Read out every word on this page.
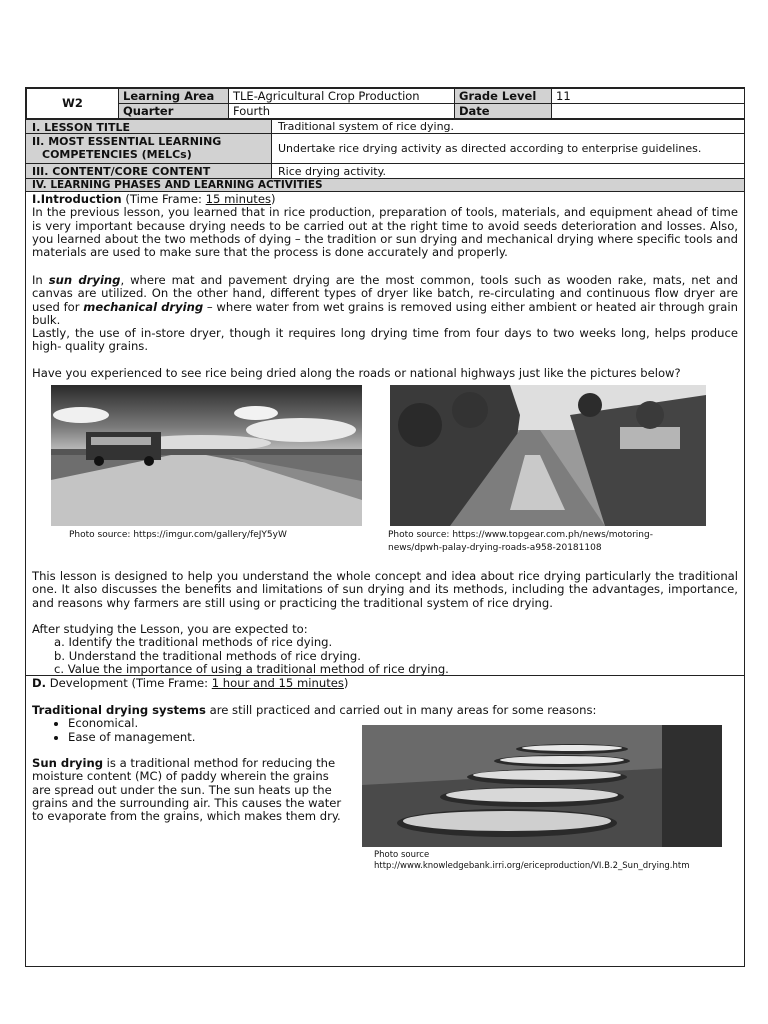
W2	Learning Area	TLE-Agricultural Crop Production	Grade Level	11
	Quarter	Fourth	Date	
I. LESSON TITLE	Traditional system of rice dying.
II. MOST ESSENTIAL LEARNING
COMPETENCIES (MELCs)	Undertake rice drying activity as directed according to enterprise guidelines.
III. CONTENT/CORE CONTENT	Rice drying activity.
IV. LEARNING PHASES AND LEARNING ACTIVITIES

I.Introduction (Time Frame: 15 minutes)

In the previous lesson, you learned that in rice production, preparation of tools, materials, and equipment ahead of time is very important because drying needs to be carried out at the right time to avoid seeds deterioration and losses. Also, you learned about the two methods of dying – the tradition or sun drying and mechanical drying where specific tools and materials are used to make sure that the process is done accurately and properly.

In sun drying, where mat and pavement drying are the most common, tools such as wooden rake, mats, net and canvas are utilized. On the other hand, different types of dryer like batch, re-circulating and continuous flow dryer are used for mechanical drying – where water from wet grains is removed using either ambient or heated air through grain bulk.

Lastly, the use of in-store dryer, though it requires long drying time from four days to two weeks long, helps produce high- quality grains.
Have you experienced to see rice being dried along the roads or national highways just like the pictures below?
Photo source: https://imgur.com/gallery/feJY5yW	Photo source: https://www.topgear.com.ph/news/motoring-
news/dpwh-palay-drying-roads-a958-20181108
This lesson is designed to help you understand the whole concept and idea about rice drying particularly the traditional one. It also discusses the benefits and limitations of sun drying and its methods, including the advantages, importance, and reasons why farmers are still using or practicing the traditional system of rice drying.

After studying the Lesson, you are expected to:

a. Identify the traditional methods of rice dying.
b. Understand the traditional methods of rice drying.
c. Value the importance of using a traditional method of rice drying.

D. Development (Time Frame: 1 hour and 15 minutes)

Traditional drying systems are still practiced and carried out in many areas for some reasons:

• Economical.
• Ease of management.

Sun drying is a traditional method for reducing the moisture content (MC) of paddy wherein the grains are spread out under the sun. The sun heats up the grains and the surrounding air. This causes the water to evaporate from the grains, which makes them dry.

Photo source
http://www.knowledgebank.irri.org/ericeproduction/VI.B.2_Sun_drying.htm
